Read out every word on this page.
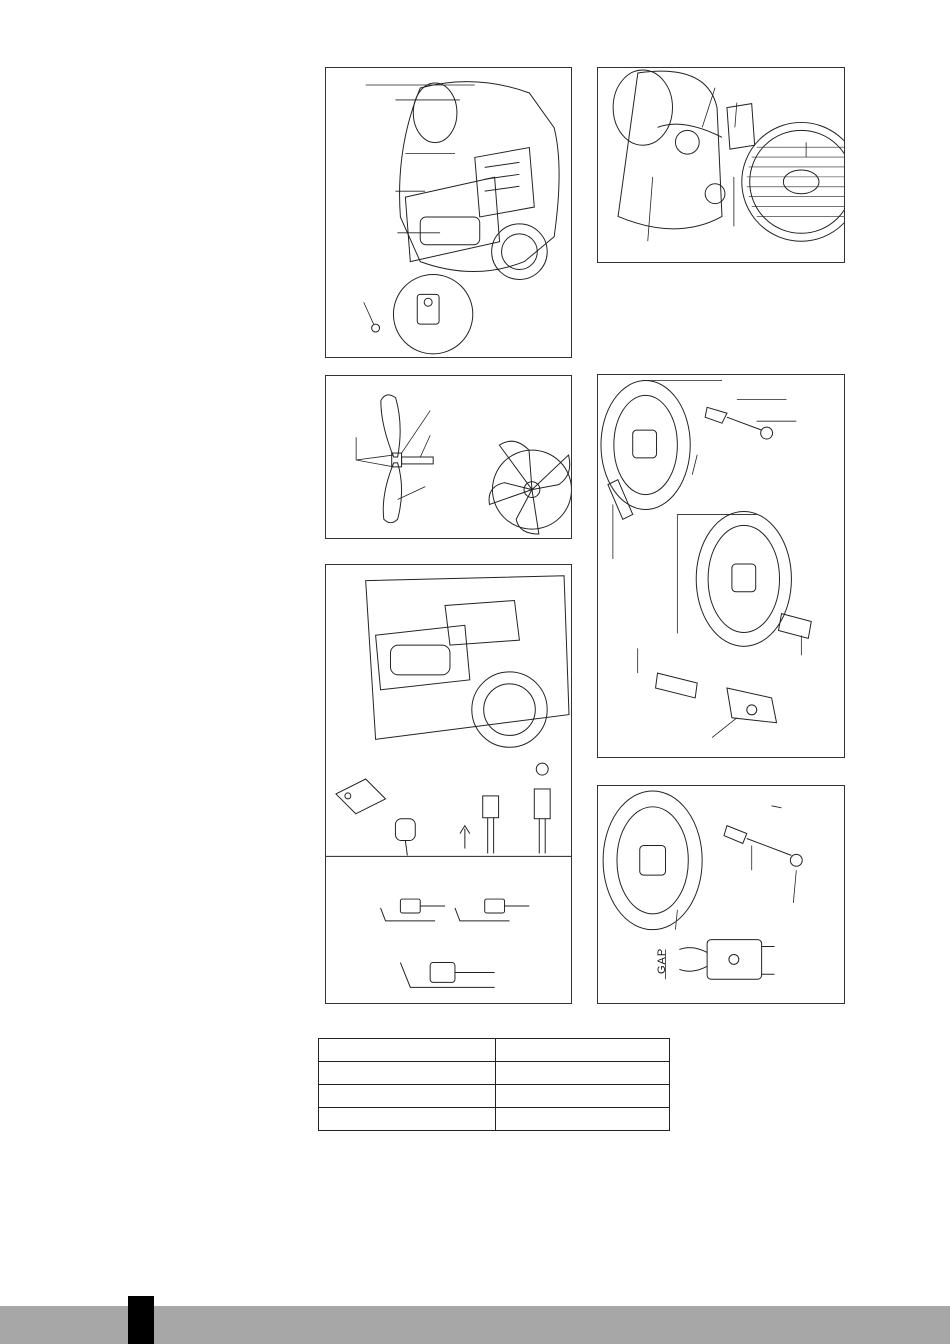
GAP
